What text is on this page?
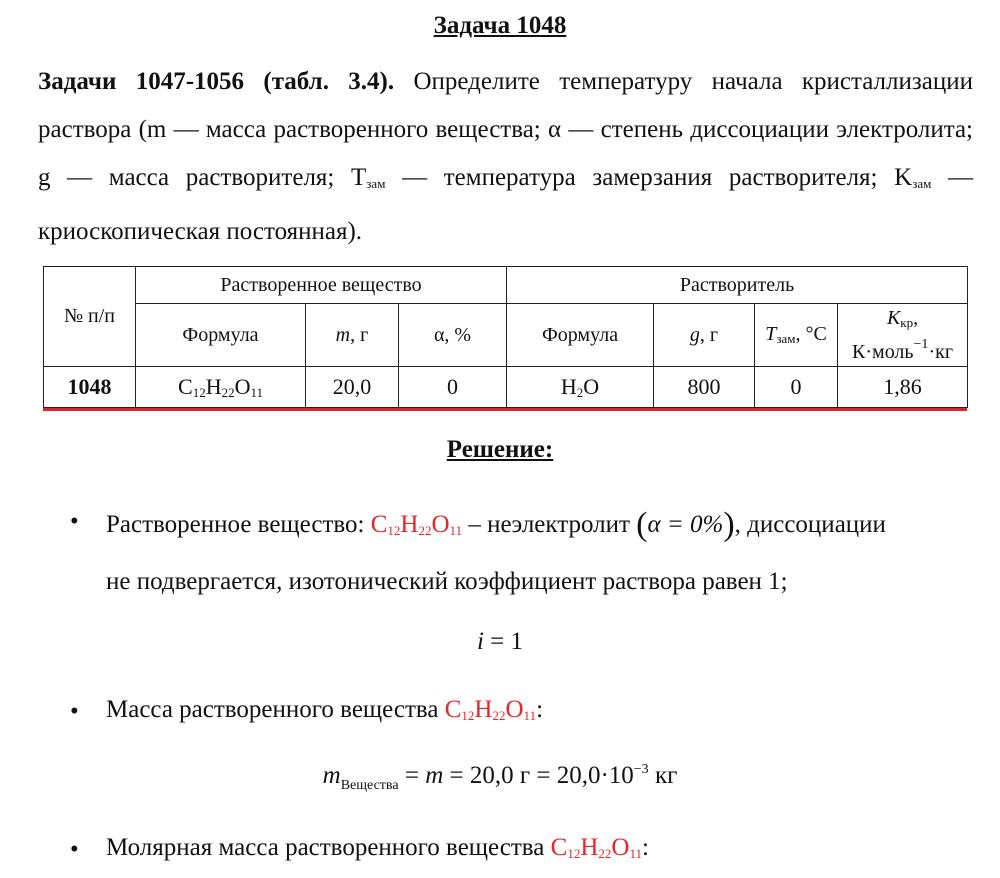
Задача 1048
Задачи 1047-1056 (табл. 3.4). Определите температуру начала кристаллизации раствора (m — масса растворенного вещества; α — степень диссоциации электролита; g — масса растворителя; $T_{зам}$ — температура замерзания растворителя; $K_{зам}$ — криоскопическая постоянная).
№ п/п	Растворенное вещество			Растворитель			
	Формула	m, г	α, %	Формула	g, г	$T_{зам}$, °C	$K_{кр}$,
К·моль$^{-1}$·кг
1048	$C_{12}H_{22}O_{11}$	20,0	0	$H_2O$	800	0	1,86
Решение:
• Растворенное вещество: $C_{12}H_{22}O_{11}$ – неэлектролит (α = 0%), диссоциации
не подвергается, изотонический коэффициент раствора равен 1;
i = 1
• Масса растворенного вещества $C_{12}H_{22}O_{11}$:
$m_{Вещества} = m = 20,0$ $г = 20,0\cdot 10^{-3}$ кг
• Молярная масса растворенного вещества $C_{12}H_{22}O_{11}$:
